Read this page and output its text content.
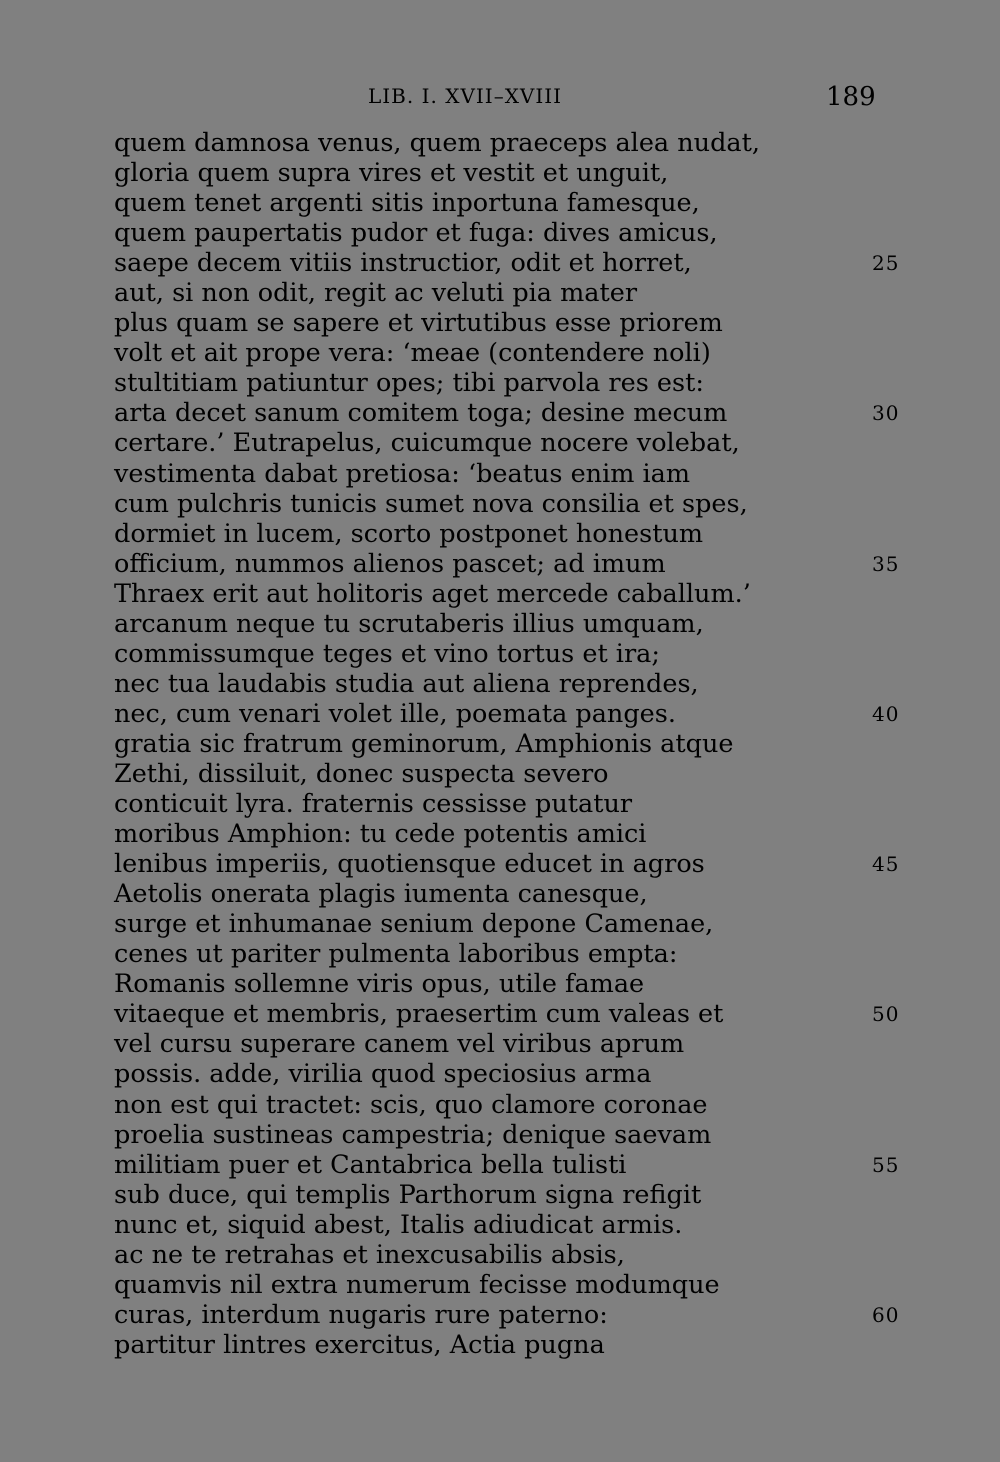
LIB. I. XVII–XVIII	189
quem damnosa venus, quem praeceps alea nudat,
gloria quem supra vires et vestit et unguit,
quem tenet argenti sitis inportuna famesque,
quem paupertatis pudor et fuga: dives amicus,
saepe decem vitiis instructior, odit et horret,	25
aut, si non odit, regit ac veluti pia mater
plus quam se sapere et virtutibus esse priorem
volt et ait prope vera: ‘meae (contendere noli)
stultitiam patiuntur opes; tibi parvola res est:
arta decet sanum comitem toga; desine mecum	30
certare.’ Eutrapelus, cuicumque nocere volebat,
vestimenta dabat pretiosa: ‘beatus enim iam
cum pulchris tunicis sumet nova consilia et spes,
dormiet in lucem, scorto postponet honestum
officium, nummos alienos pascet; ad imum	35
Thraex erit aut holitoris aget mercede caballum.’
arcanum neque tu scrutaberis illius umquam,
commissumque teges et vino tortus et ira;
nec tua laudabis studia aut aliena reprendes,
nec, cum venari volet ille, poemata panges.	40
gratia sic fratrum geminorum, Amphionis atque
Zethi, dissiluit, donec suspecta severo
conticuit lyra. fraternis cessisse putatur
moribus Amphion: tu cede potentis amici
lenibus imperiis, quotiensque educet in agros	45
Aetolis onerata plagis iumenta canesque,
surge et inhumanae senium depone Camenae,
cenes ut pariter pulmenta laboribus empta:
Romanis sollemne viris opus, utile famae
vitaeque et membris, praesertim cum valeas et	50
vel cursu superare canem vel viribus aprum
possis. adde, virilia quod speciosius arma
non est qui tractet: scis, quo clamore coronae
proelia sustineas campestria; denique saevam
militiam puer et Cantabrica bella tulisti	55
sub duce, qui templis Parthorum signa refigit
nunc et, siquid abest, Italis adiudicat armis.
ac ne te retrahas et inexcusabilis absis,
quamvis nil extra numerum fecisse modumque
curas, interdum nugaris rure paterno:	60
partitur lintres exercitus, Actia pugna
